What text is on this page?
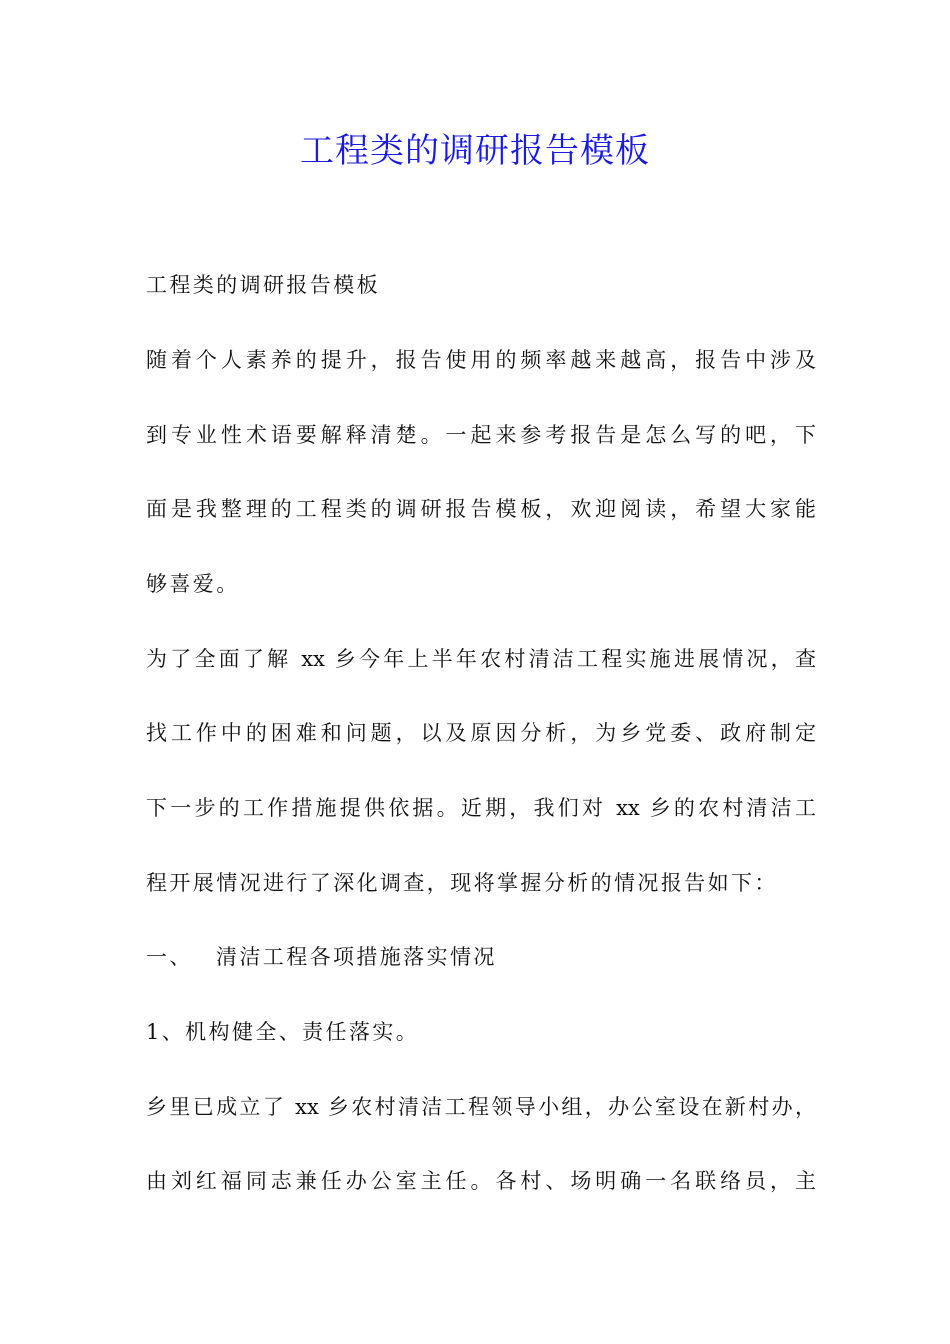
工程类的调研报告模板
工程类的调研报告模板
随着个人素养的提升，报告使用的频率越来越高，报告中涉及
到专业性术语要解释清楚。一起来参考报告是怎么写的吧，下
面是我整理的工程类的调研报告模板，欢迎阅读，希望大家能
够喜爱。
为了全面了解 xx 乡今年上半年农村清洁工程实施进展情况，查
找工作中的困难和问题，以及原因分析，为乡党委、政府制定
下一步的工作措施提供依据。近期，我们对 xx 乡的农村清洁工
程开展情况进行了深化调查，现将掌握分析的情况报告如下：
一、 清洁工程各项措施落实情况
1、机构健全、责任落实。
乡里已成立了 xx 乡农村清洁工程领导小组，办公室设在新村办，
由刘红福同志兼任办公室主任。各村、场明确一名联络员，主
